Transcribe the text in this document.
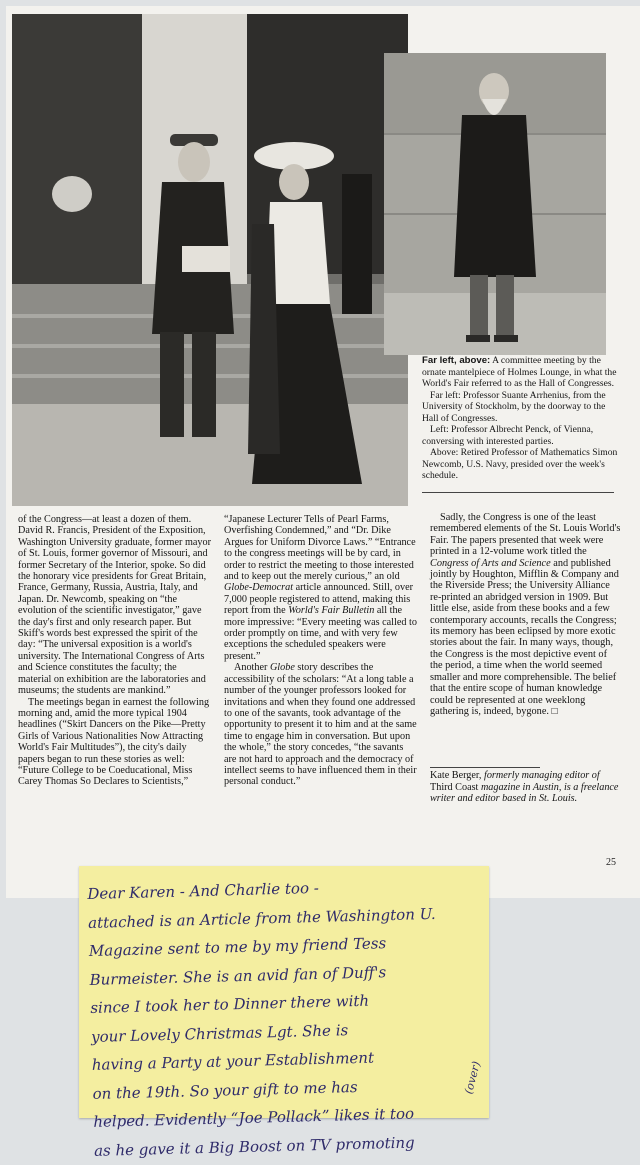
Far left, above: A committee meeting by the ornate mantelpiece of Holmes Lounge, in what the World's Fair referred to as the Hall of Congresses.

Far left: Professor Suante Arrhenius, from the University of Stockholm, by the doorway to the Hall of Congresses.

Left: Professor Albrecht Penck, of Vienna, conversing with interested parties.

Above: Retired Professor of Mathematics Simon Newcomb, U.S. Navy, presided over the week's schedule.

of the Congress—at least a dozen of them. David R. Francis, President of the Exposition, Washington University graduate, former mayor of St. Louis, former governor of Missouri, and former Secretary of the Interior, spoke. So did the honorary vice presidents for Great Britain, France, Germany, Russia, Austria, Italy, and Japan. Dr. Newcomb, speaking on “the evolution of the scientific investigator,” gave the day's first and only research paper. But Skiff's words best expressed the spirit of the day: “The universal exposition is a world's university. The International Congress of Arts and Science constitutes the faculty; the material on exhibition are the laboratories and museums; the students are mankind.”

The meetings began in earnest the following morning and, amid the more typical 1904 headlines (“Skirt Dancers on the Pike—Pretty Girls of Various Nationalities Now Attracting World's Fair Multitudes”), the city's daily papers began to run these stories as well: “Future College to be Coeducational, Miss Carey Thomas So Declares to Scientists,”

“Japanese Lecturer Tells of Pearl Farms, Overfishing Condemned,” and “Dr. Dike Argues for Uniform Divorce Laws.” “Entrance to the congress meetings will be by card, in order to restrict the meeting to those interested and to keep out the merely curious,” an old Globe-Democrat article announced. Still, over 7,000 people registered to attend, making this report from the World's Fair Bulletin all the more impressive: “Every meeting was called to order promptly on time, and with very few exceptions the scheduled speakers were present.”

Another Globe story describes the accessibility of the scholars: “At a long table a number of the younger professors looked for invitations and when they found one addressed to one of the savants, took advantage of the opportunity to present it to him and at the same time to engage him in conversation. But upon the whole,” the story concedes, “the savants are not hard to approach and the democracy of intellect seems to have influenced them in their personal conduct.”

Sadly, the Congress is one of the least remembered elements of the St. Louis World's Fair. The papers presented that week were printed in a 12-volume work titled the Congress of Arts and Science and published jointly by Houghton, Mifflin & Company and the Riverside Press; the University Alliance re-printed an abridged version in 1909. But little else, aside from these books and a few contemporary accounts, recalls the Congress; its memory has been eclipsed by more exotic stories about the fair. In many ways, though, the Congress is the most depictive event of the period, a time when the world seemed smaller and more comprehensible. The belief that the entire scope of human knowledge could be represented at one weeklong gathering is, indeed, bygone. □

Kate Berger, formerly managing editor of Third Coast magazine in Austin, is a freelance writer and editor based in St. Louis.
25
Dear Karen - And Charlie too -
attached is an Article from the Washington U.
Magazine sent to me by my friend Tess
Burmeister. She is an avid fan of Duff's
since I took her to Dinner there with
your Lovely Christmas Lgt. She is
having a Party at your Establishment
on the 19th. So your gift to me has
helped. Evidently “Joe Pollack” likes it too
as he gave it a Big Boost on TV promoting
(over)
